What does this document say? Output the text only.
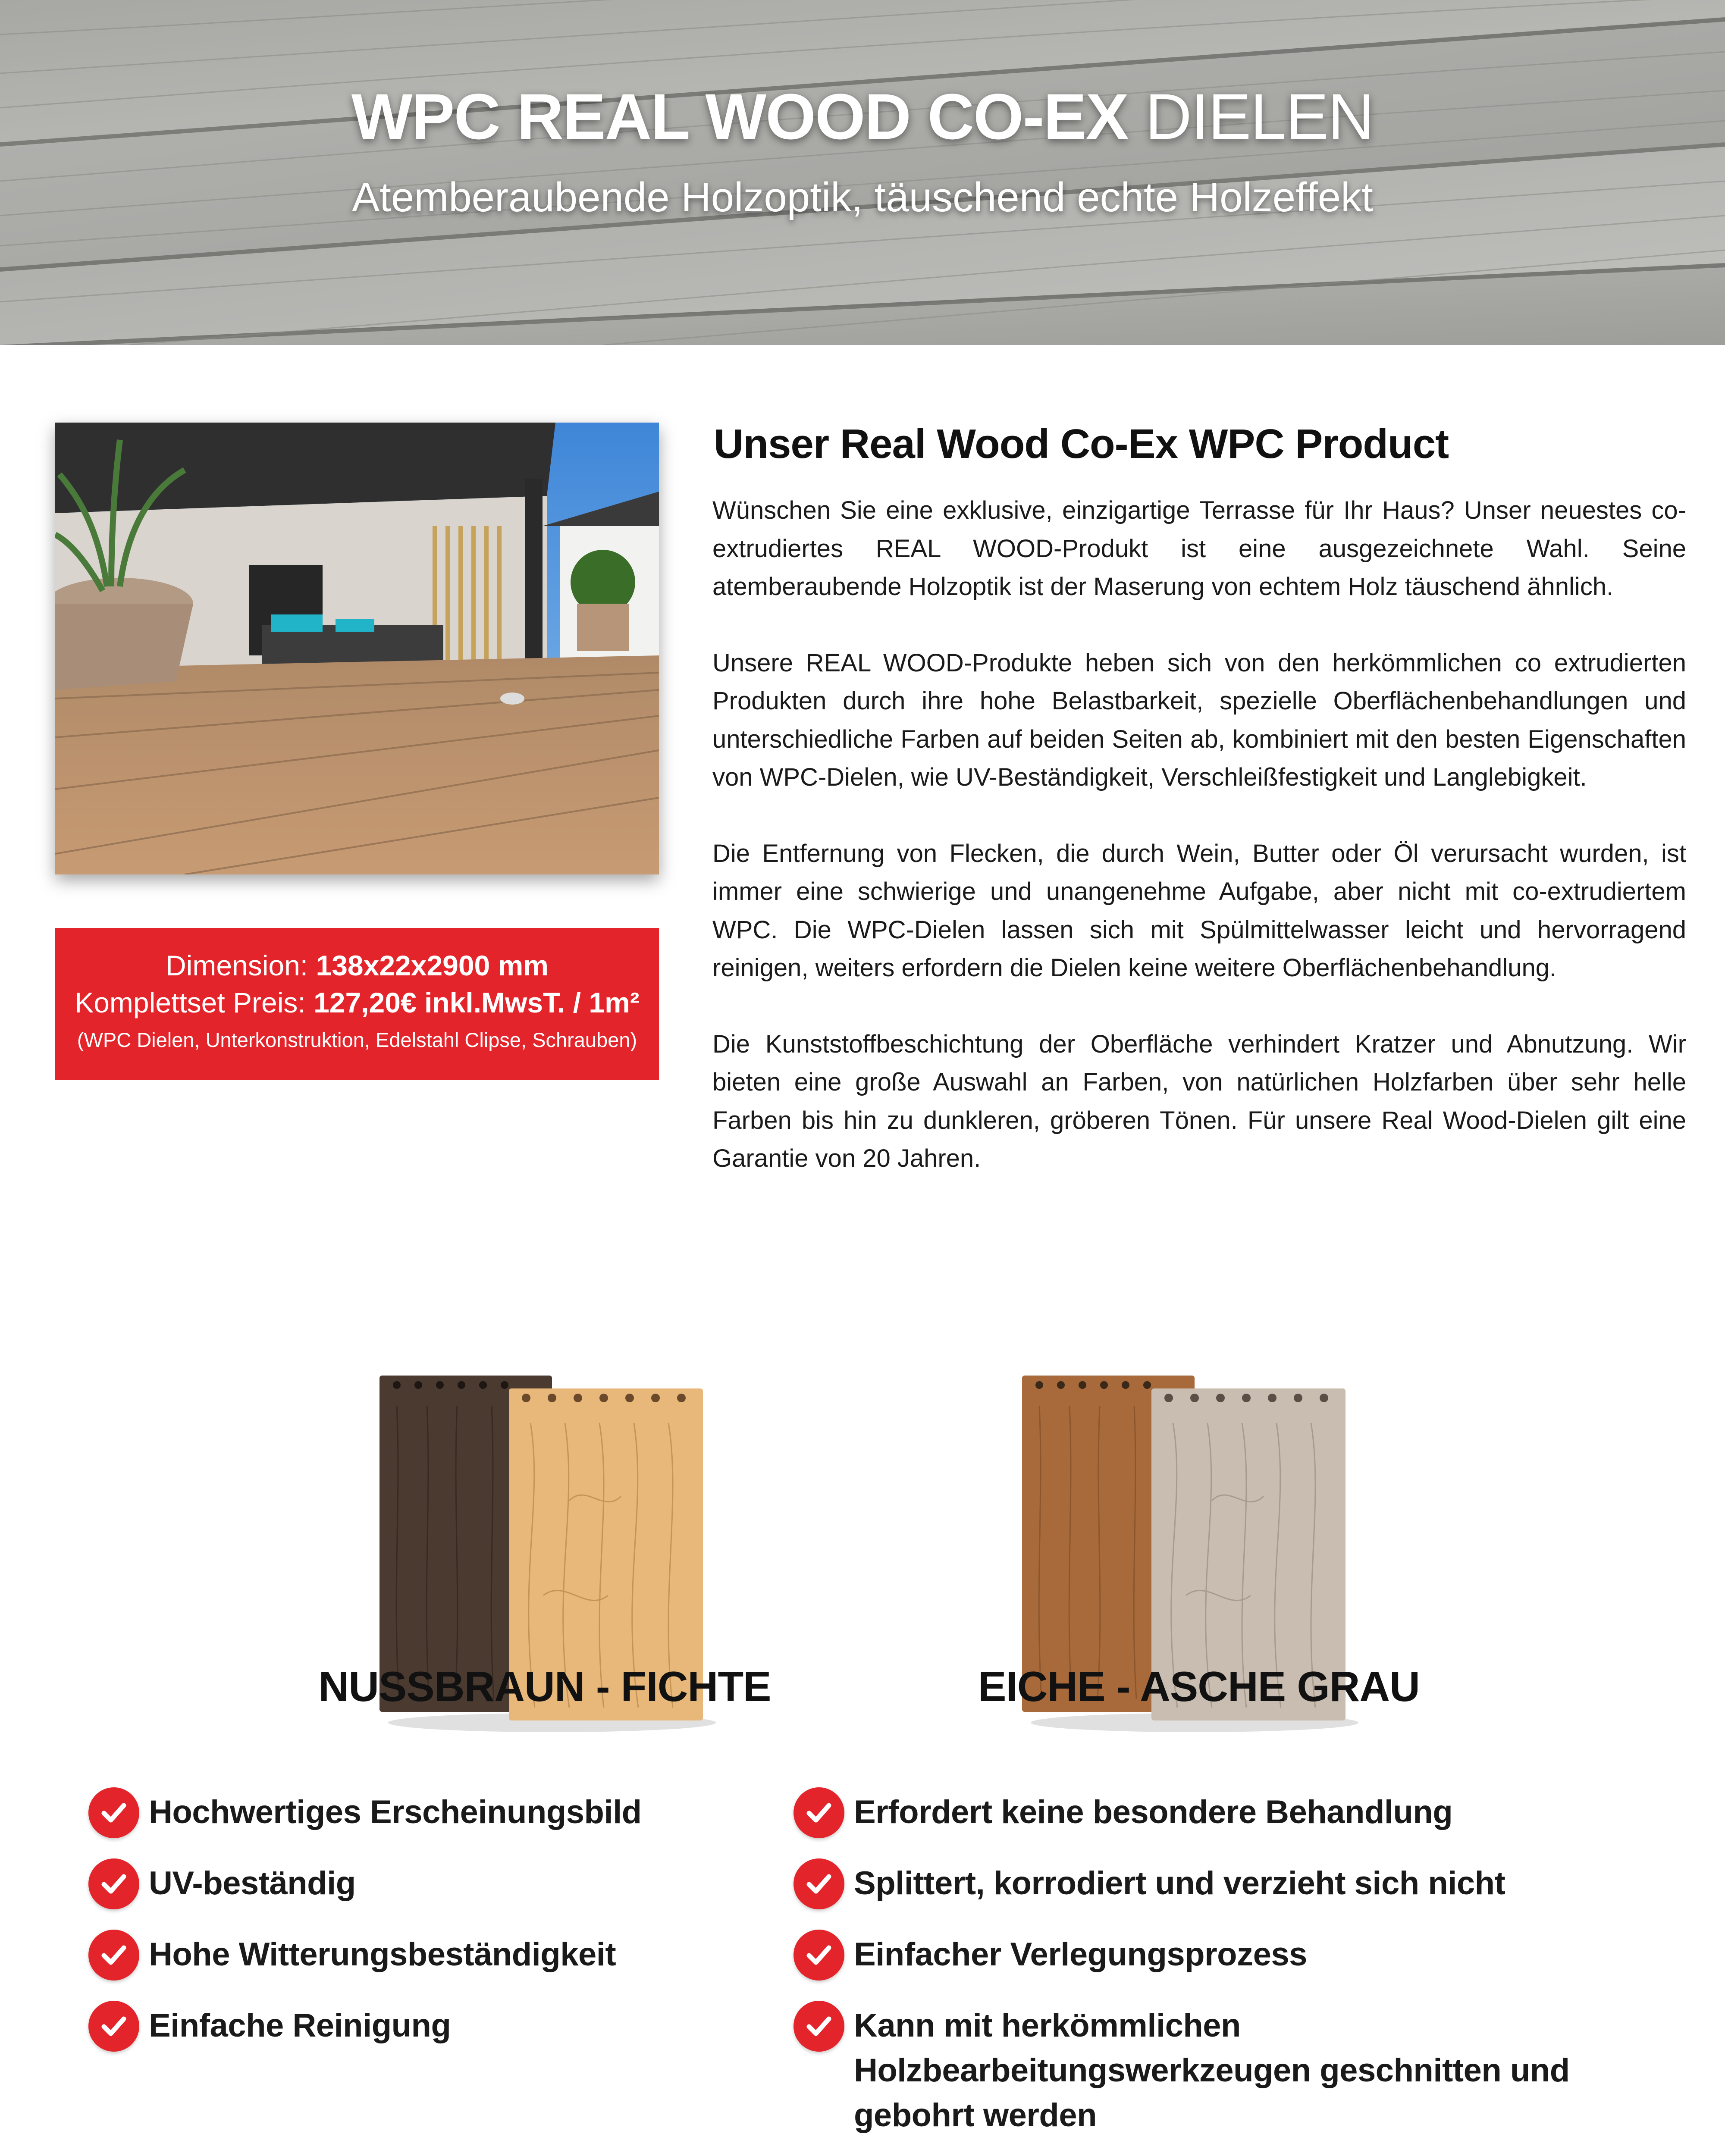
WPC REAL WOOD CO-EX DIELEN
Atemberaubende Holzoptik, täuschend echte Holzeffekt
Dimension: 138x22x2900 mm
Komplettset Preis: 127,20€ inkl.MwsT. / 1m²
(WPC Dielen, Unterkonstruktion, Edelstahl Clipse, Schrauben)
Unser Real Wood Co-Ex WPC Product

Wünschen Sie eine exklusive, einzigartige Terrasse für Ihr Haus? Unser neuestes co-extrudiertes REAL WOOD-Produkt ist eine ausgezeichnete Wahl. Seine atemberaubende Holzoptik ist der Maserung von echtem Holz täuschend ähnlich.

Unsere REAL WOOD-Produkte heben sich von den herkömmlichen co extrudierten Produkten durch ihre hohe Belastbarkeit, spezielle Oberflächenbehandlungen und unterschiedliche Farben auf beiden Seiten ab, kombiniert mit den besten Eigenschaften von WPC-Dielen, wie UV-Beständigkeit, Verschleißfestigkeit und Langlebigkeit.

Die Entfernung von Flecken, die durch Wein, Butter oder Öl verursacht wurden, ist immer eine schwierige und unangenehme Aufgabe, aber nicht mit co-extrudiertem WPC. Die WPC-Dielen lassen sich mit Spülmittelwasser leicht und hervorragend reinigen, weiters erfordern die Dielen keine weitere Oberflächenbehandlung.

Die Kunststoffbeschichtung der Oberfläche verhindert Kratzer und Abnutzung. Wir bieten eine große Auswahl an Farben, von natürlichen Holzfarben über sehr helle Farben bis hin zu dunkleren, gröberen Tönen. Für unsere Real Wood-Dielen gilt eine Garantie von 20 Jahren.

NUSSBRAUN - FICHTE	EICHE - ASCHE GRAU
Hochwertiges Erscheinungsbild
UV-beständig
Hohe Witterungsbeständigkeit
Einfache Reinigung
Erfordert keine besondere Behandlung
Splittert, korrodiert und verzieht sich nicht
Einfacher Verlegungsprozess
Kann mit herkömmlichen Holzbearbeitungswerkzeugen geschnitten und gebohrt werden
